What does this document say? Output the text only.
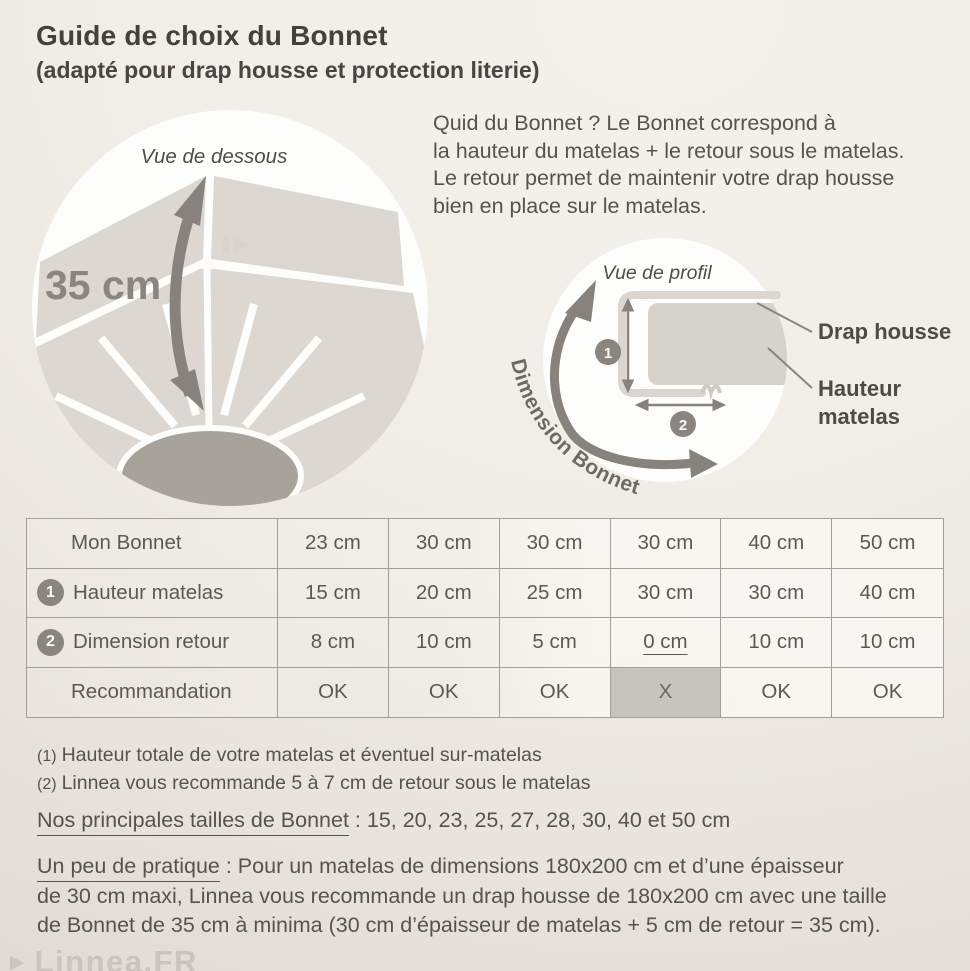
Guide de choix du Bonnet
(adapté pour drap housse et protection literie)
Quid du Bonnet ? Le Bonnet correspond à
la hauteur du matelas + le retour sous le matelas.
Le retour permet de maintenir votre drap housse
bien en place sur le matelas.
Vue de dessous
35 cm
1
2
Dimension Bonnet
Vue de profil
Drap housse
Hauteur
matelas
Mon Bonnet	23 cm	30 cm	30 cm	30 cm	40 cm	50 cm
1 Hauteur matelas	15 cm	20 cm	25 cm	30 cm	30 cm	40 cm
2 Dimension retour	8 cm	10 cm	5 cm	0 cm	10 cm	10 cm
Recommandation	OK	OK	OK	X	OK	OK
(1) Hauteur totale de votre matelas et éventuel sur-matelas
(2) Linnea vous recommande 5 à 7 cm de retour sous le matelas
Nos principales tailles de Bonnet : 15, 20, 23, 25, 27, 28, 30, 40 et 50 cm
Un peu de pratique : Pour un matelas de dimensions 180x200 cm et d’une épaisseur
de 30 cm maxi, Linnea vous recommande un drap housse de 180x200 cm avec une taille
de Bonnet de 35 cm à minima (30 cm d’épaisseur de matelas + 5 cm de retour = 35 cm).
▶ Linnea.FR
